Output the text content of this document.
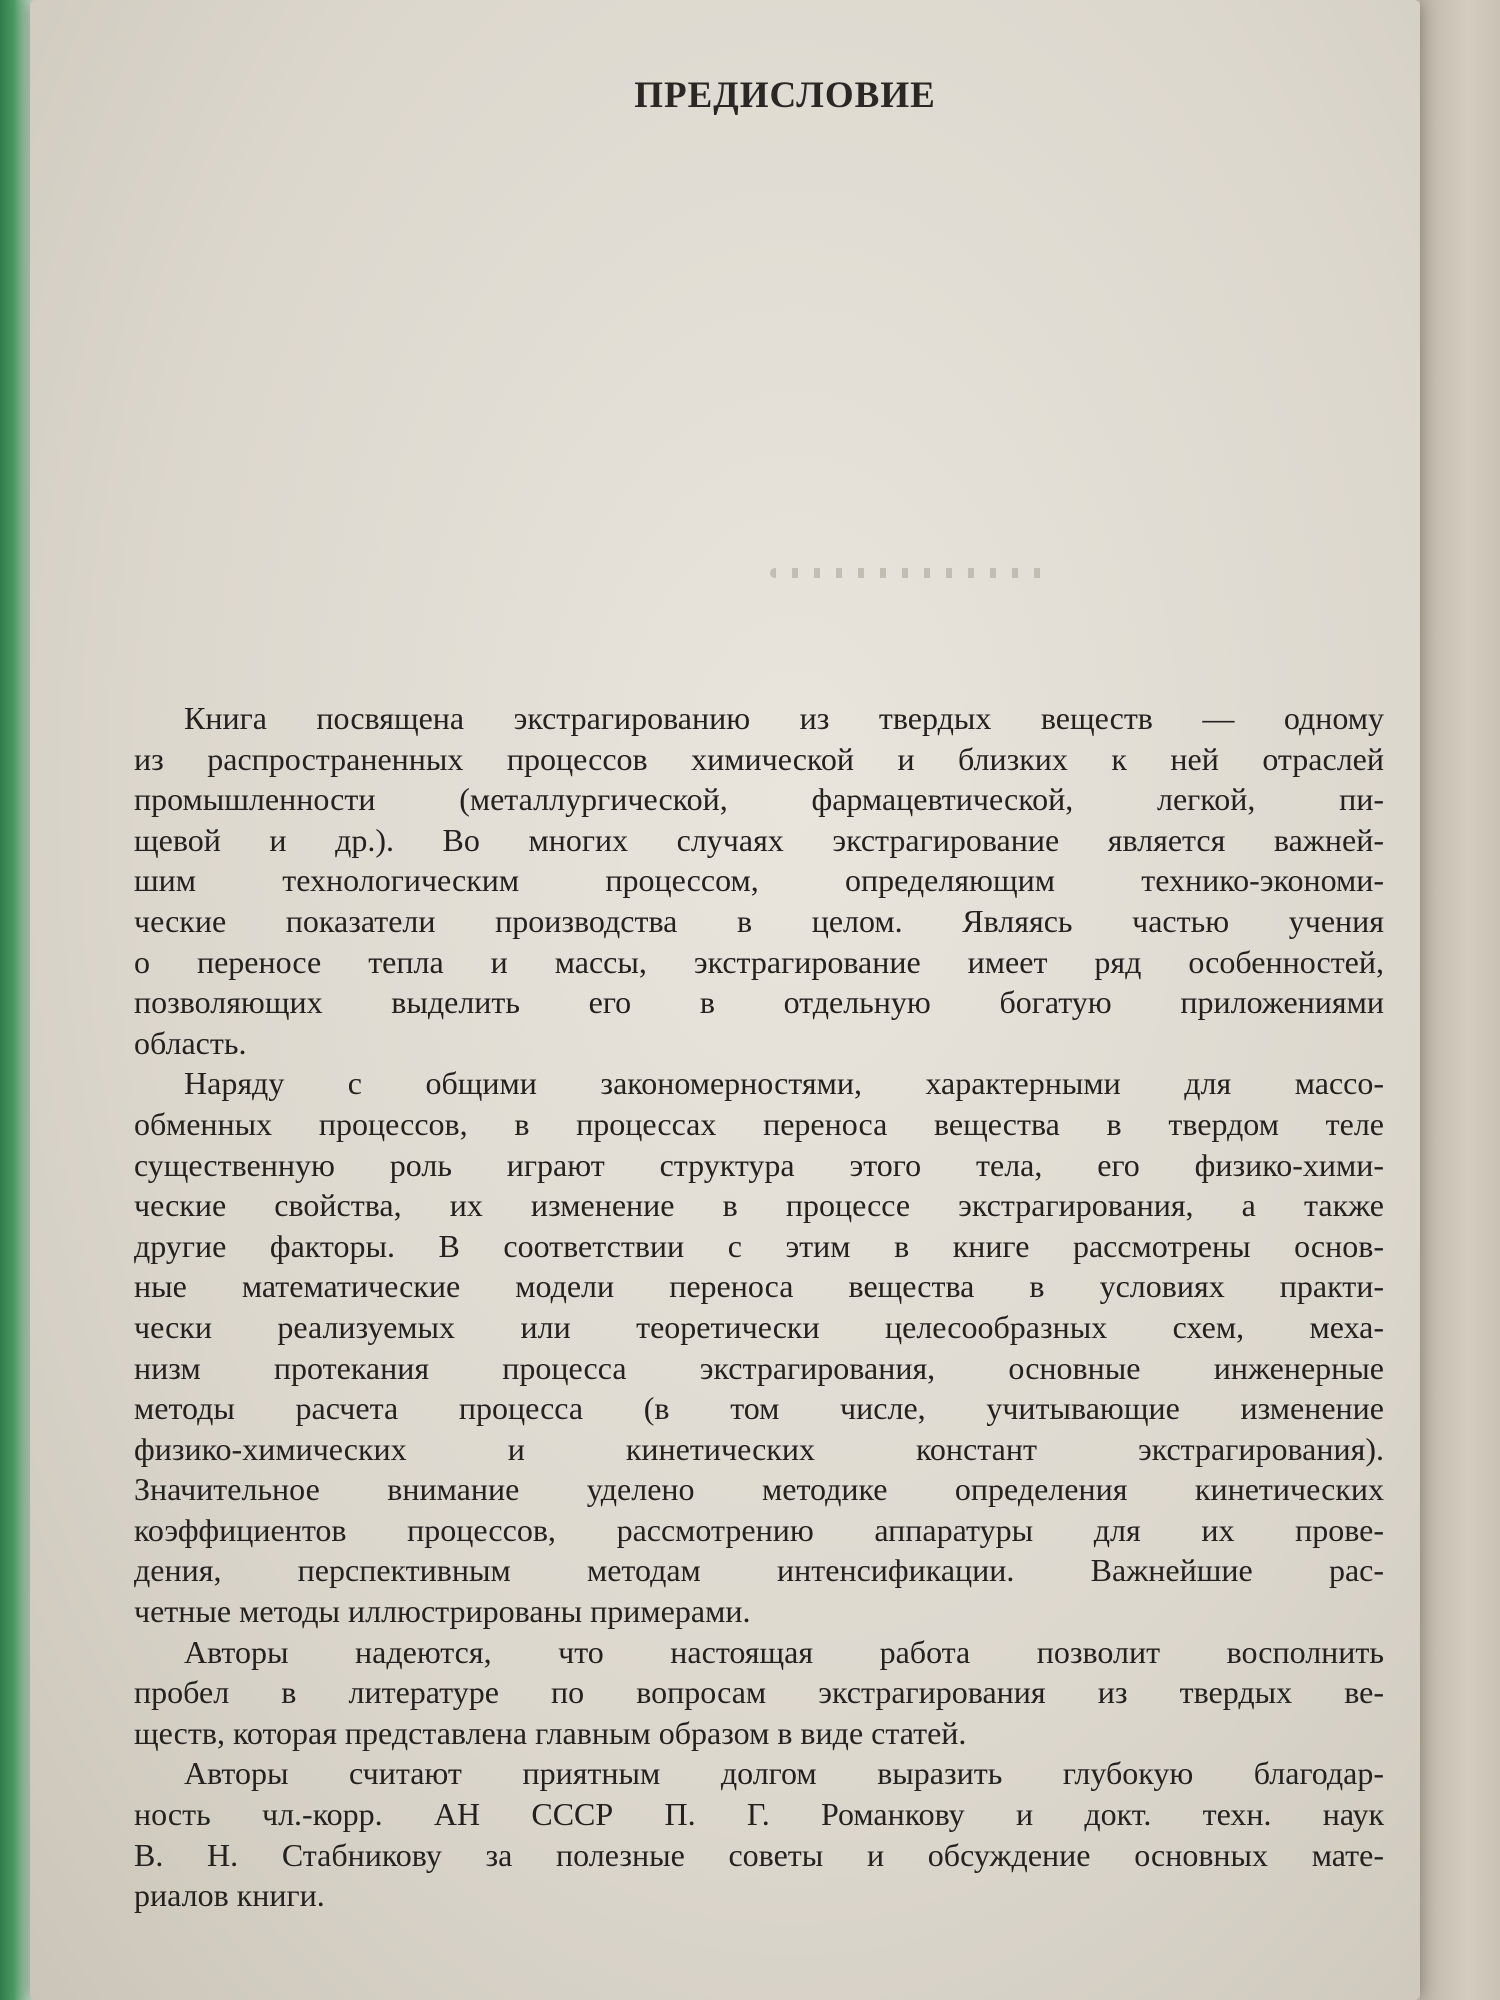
ПРЕДИСЛОВИЕ

Книга посвящена экстрагированию из твердых веществ — одному
из распространенных процессов химической и близких к ней отраслей
промышленности (металлургической, фармацевтической, легкой, пи-
щевой и др.). Во многих случаях экстрагирование является важней-
шим технологическим процессом, определяющим технико-экономи-
ческие показатели производства в целом. Являясь частью учения
о переносе тепла и массы, экстрагирование имеет ряд особенностей,
позволяющих выделить его в отдельную богатую приложениями
область.

Наряду с общими закономерностями, характерными для массо-
обменных процессов, в процессах переноса вещества в твердом теле
существенную роль играют структура этого тела, его физико-хими-
ческие свойства, их изменение в процессе экстрагирования, а также
другие факторы. В соответствии с этим в книге рассмотрены основ-
ные математические модели переноса вещества в условиях практи-
чески реализуемых или теоретически целесообразных схем, меха-
низм протекания процесса экстрагирования, основные инженерные
методы расчета процесса (в том числе, учитывающие изменение
физико-химических и кинетических констант экстрагирования).
Значительное внимание уделено методике определения кинетических
коэффициентов процессов, рассмотрению аппаратуры для их прове-
дения, перспективным методам интенсификации. Важнейшие рас-
четные методы иллюстрированы примерами.

Авторы надеются, что настоящая работа позволит восполнить
пробел в литературе по вопросам экстрагирования из твердых ве-
ществ, которая представлена главным образом в виде статей.

Авторы считают приятным долгом выразить глубокую благодар-
ность чл.-корр. АН СССР П. Г. Романкову и докт. техн. наук
В. Н. Стабникову за полезные советы и обсуждение основных мате-
риалов книги.
